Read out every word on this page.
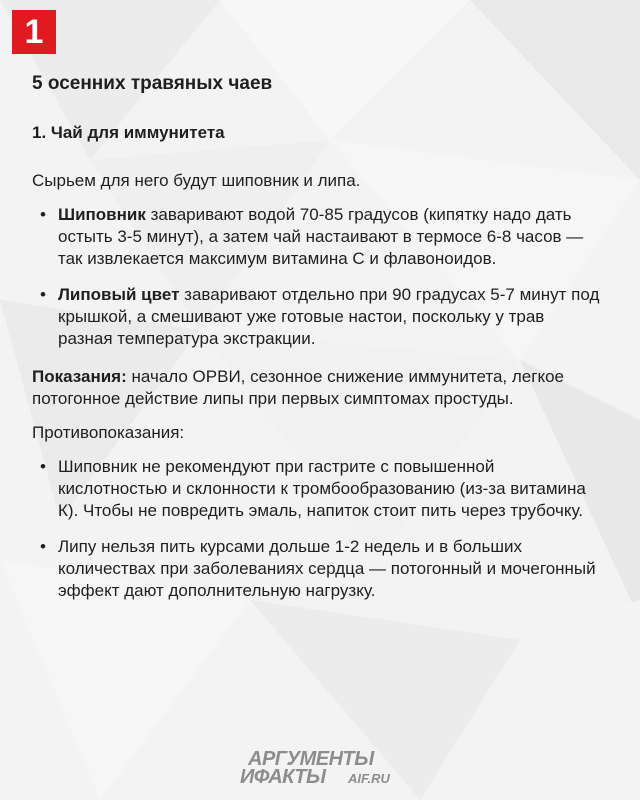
1
5 осенних травяных чаев
1. Чай для иммунитета

Сырьем для него будут шиповник и липа.

• Шиповник заваривают водой 70-85 градусов (кипятку надо дать остыть 3-5 минут), а затем чай настаивают в термосе 6-8 часов — так извлекается максимум витамина С и флавоноидов.
• Липовый цвет заваривают отдельно при 90 градусах 5-7 минут под крышкой, а смешивают уже готовые настои, поскольку у трав разная температура экстракции.

Показания: начало ОРВИ, сезонное снижение иммунитета, легкое потогонное действие липы при первых симптомах простуды.

Противопоказания:

• Шиповник не рекомендуют при гастрите с повышенной кислотностью и склонности к тромбообразованию (из-за витамина К). Чтобы не повредить эмаль, напиток стоит пить через трубочку.
• Липу нельзя пить курсами дольше 1-2 недель и в больших количествах при заболеваниях сердца — потогонный и мочегонный эффект дают дополнительную нагрузку.
АРГУМЕНТЫ
ИФАКТЫ AIF.RU
